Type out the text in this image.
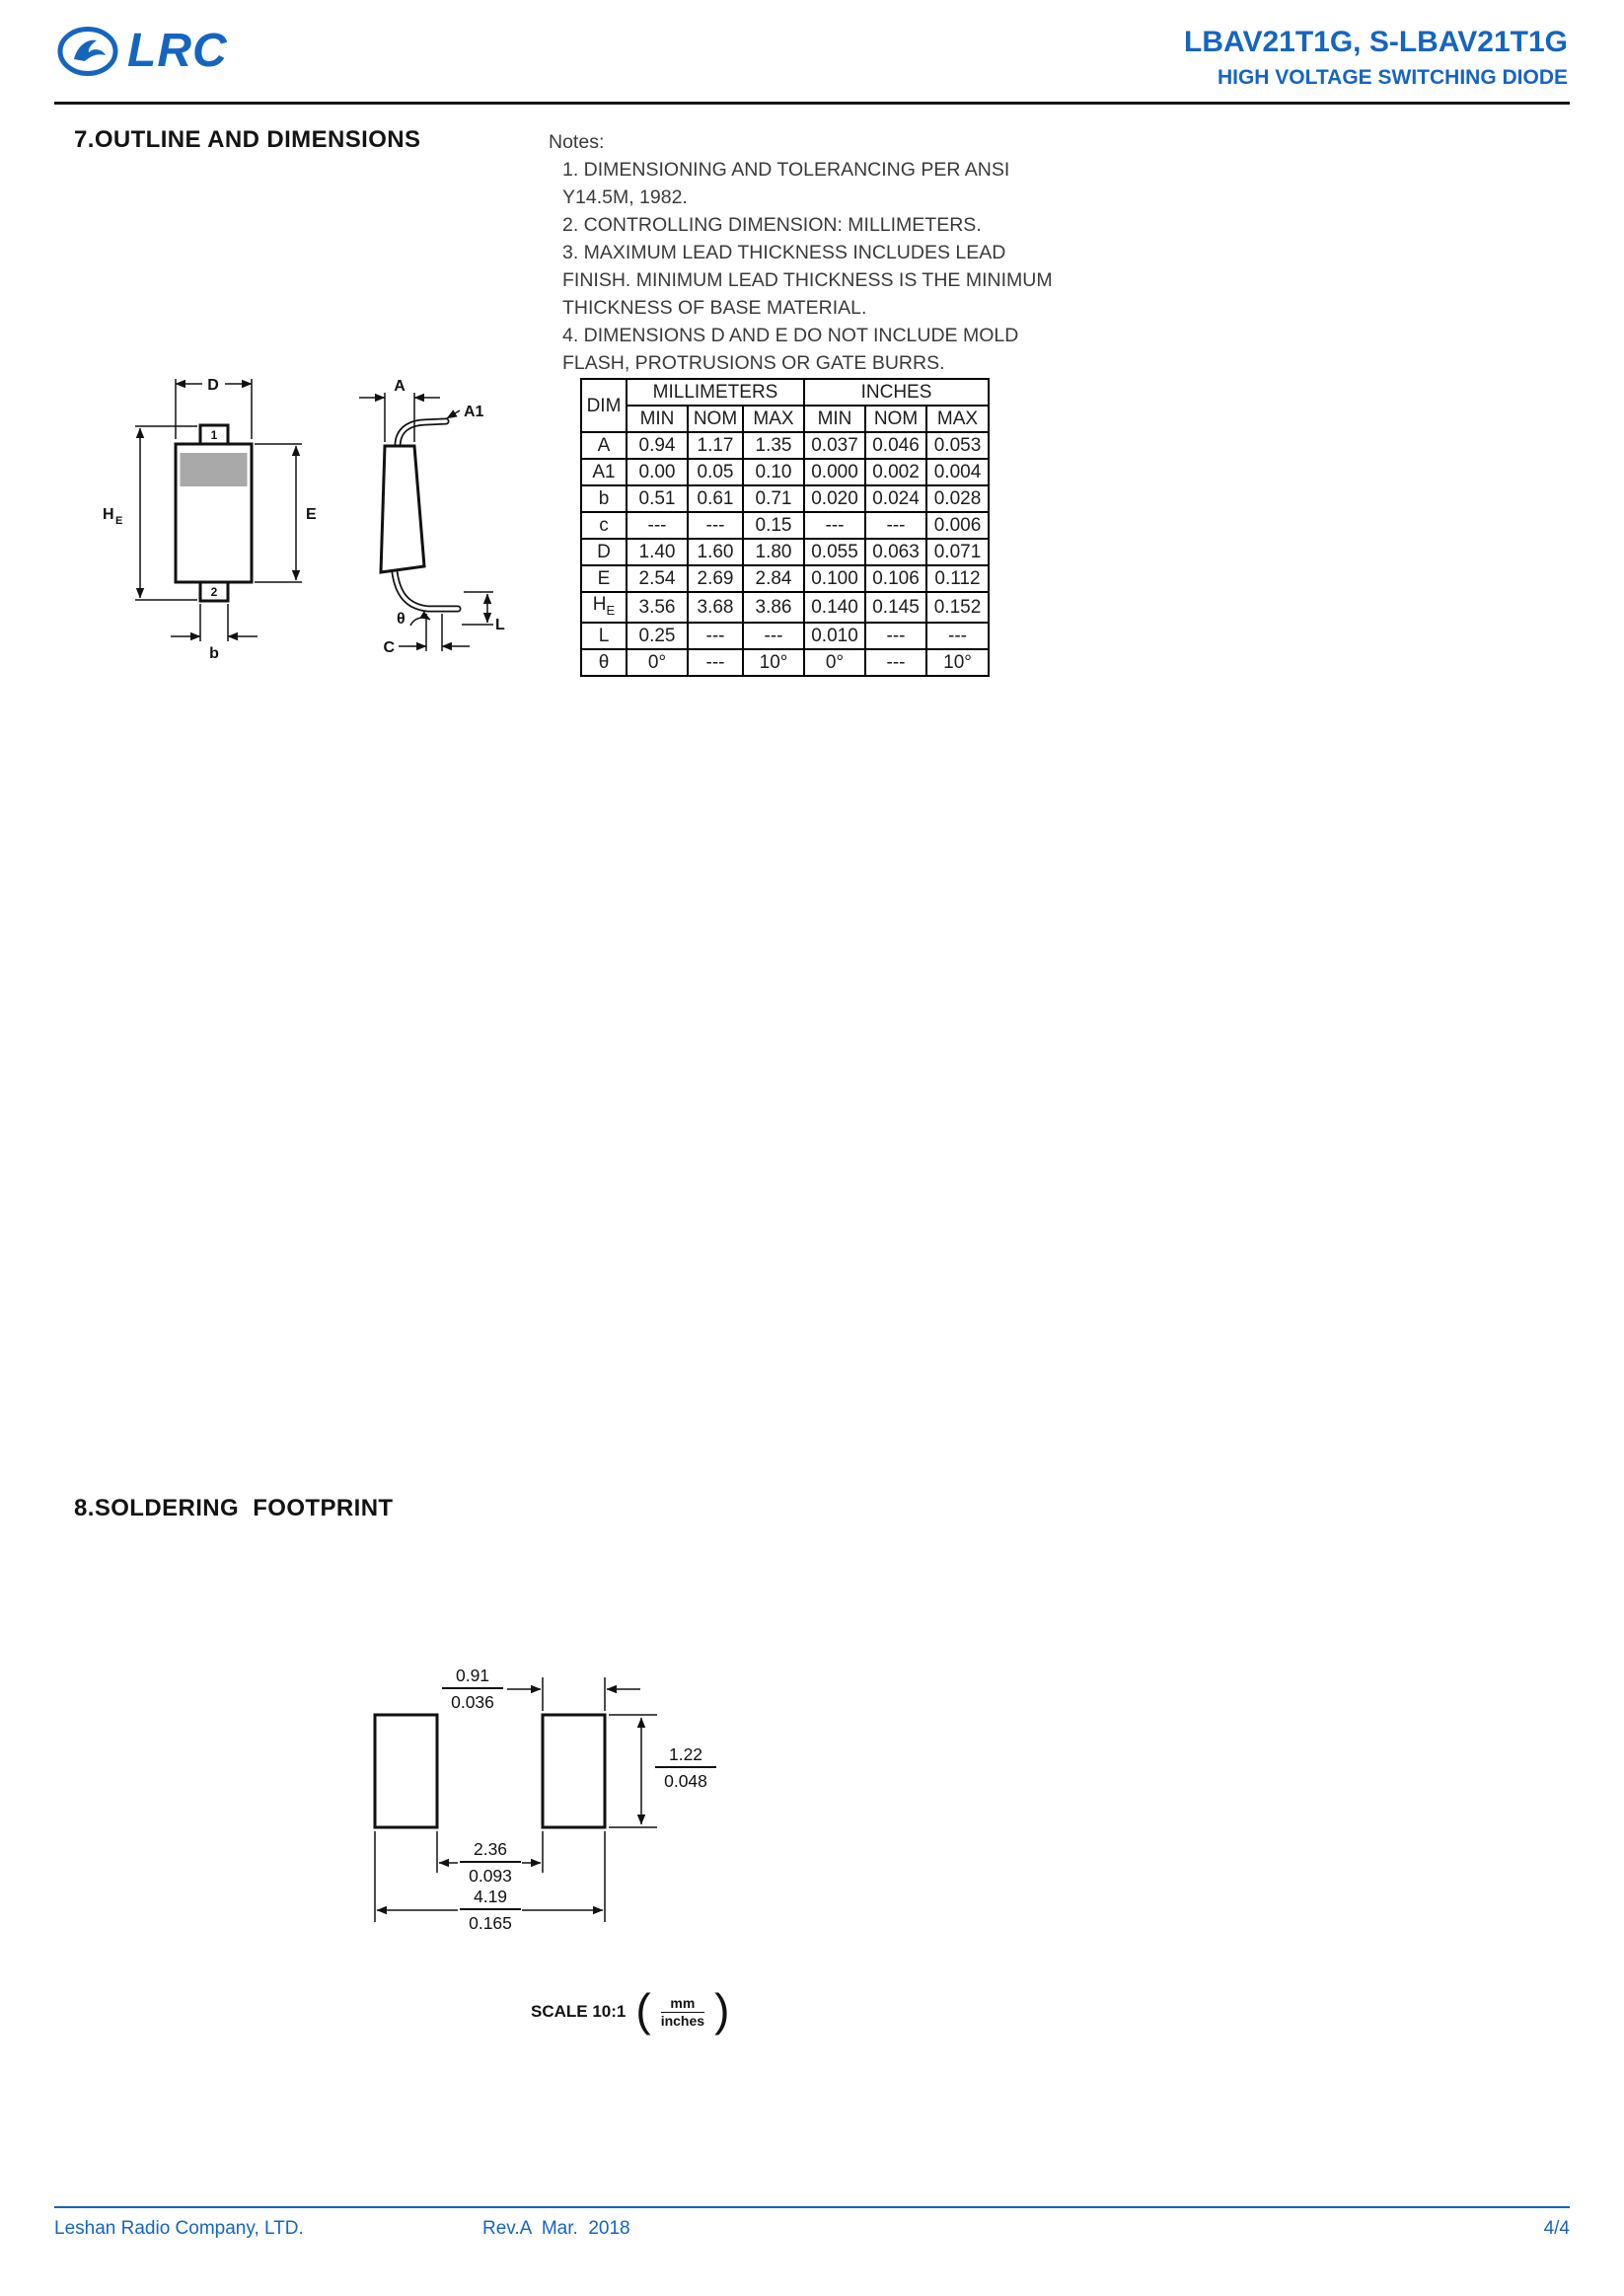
LRC	LBAV21T1G, S-LBAV21T1G
HIGH VOLTAGE SWITCHING DIODE
7.OUTLINE AND DIMENSIONS	Notes:
1. DIMENSIONING AND TOLERANCING PER ANSI
Y14.5M, 1982.
2. CONTROLLING DIMENSION: MILLIMETERS.
3. MAXIMUM LEAD THICKNESS INCLUDES LEAD
FINISH. MINIMUM LEAD THICKNESS IS THE MINIMUM
THICKNESS OF BASE MATERIAL.
4. DIMENSIONS D AND E DO NOT INCLUDE MOLD
FLASH, PROTRUSIONS OR GATE BURRS.
D
H E
1
2
E
b
A
A1
θ	L
C
DIM	MILLIMETERS			INCHES		
	MIN	NOM	MAX	MIN	NOM	MAX
A	0.94	1.17	1.35	0.037	0.046	0.053
A1	0.00	0.05	0.10	0.000	0.002	0.004
b	0.51	0.61	0.71	0.020	0.024	0.028
c	---	---	0.15	---	---	0.006
D	1.40	1.60	1.80	0.055	0.063	0.071
E	2.54	2.69	2.84	0.100	0.106	0.112
$H_E$	3.56	3.68	3.86	0.140	0.145	0.152
L	0.25	---	---	0.010	---	---
θ	0°	---	10°	0°	---	10°
8.SOLDERING  FOOTPRINT
$\frac{0.91}{0.036}$
$\frac{1.22}{0.048}$
$\frac{2.36}{0.093}$
$\frac{4.19}{0.165}$
SCALE 10:1 ( $\frac{mm}{\text{inches}}$ )
Leshan Radio Company, LTD.	Rev.A  Mar.  2018	4/4
